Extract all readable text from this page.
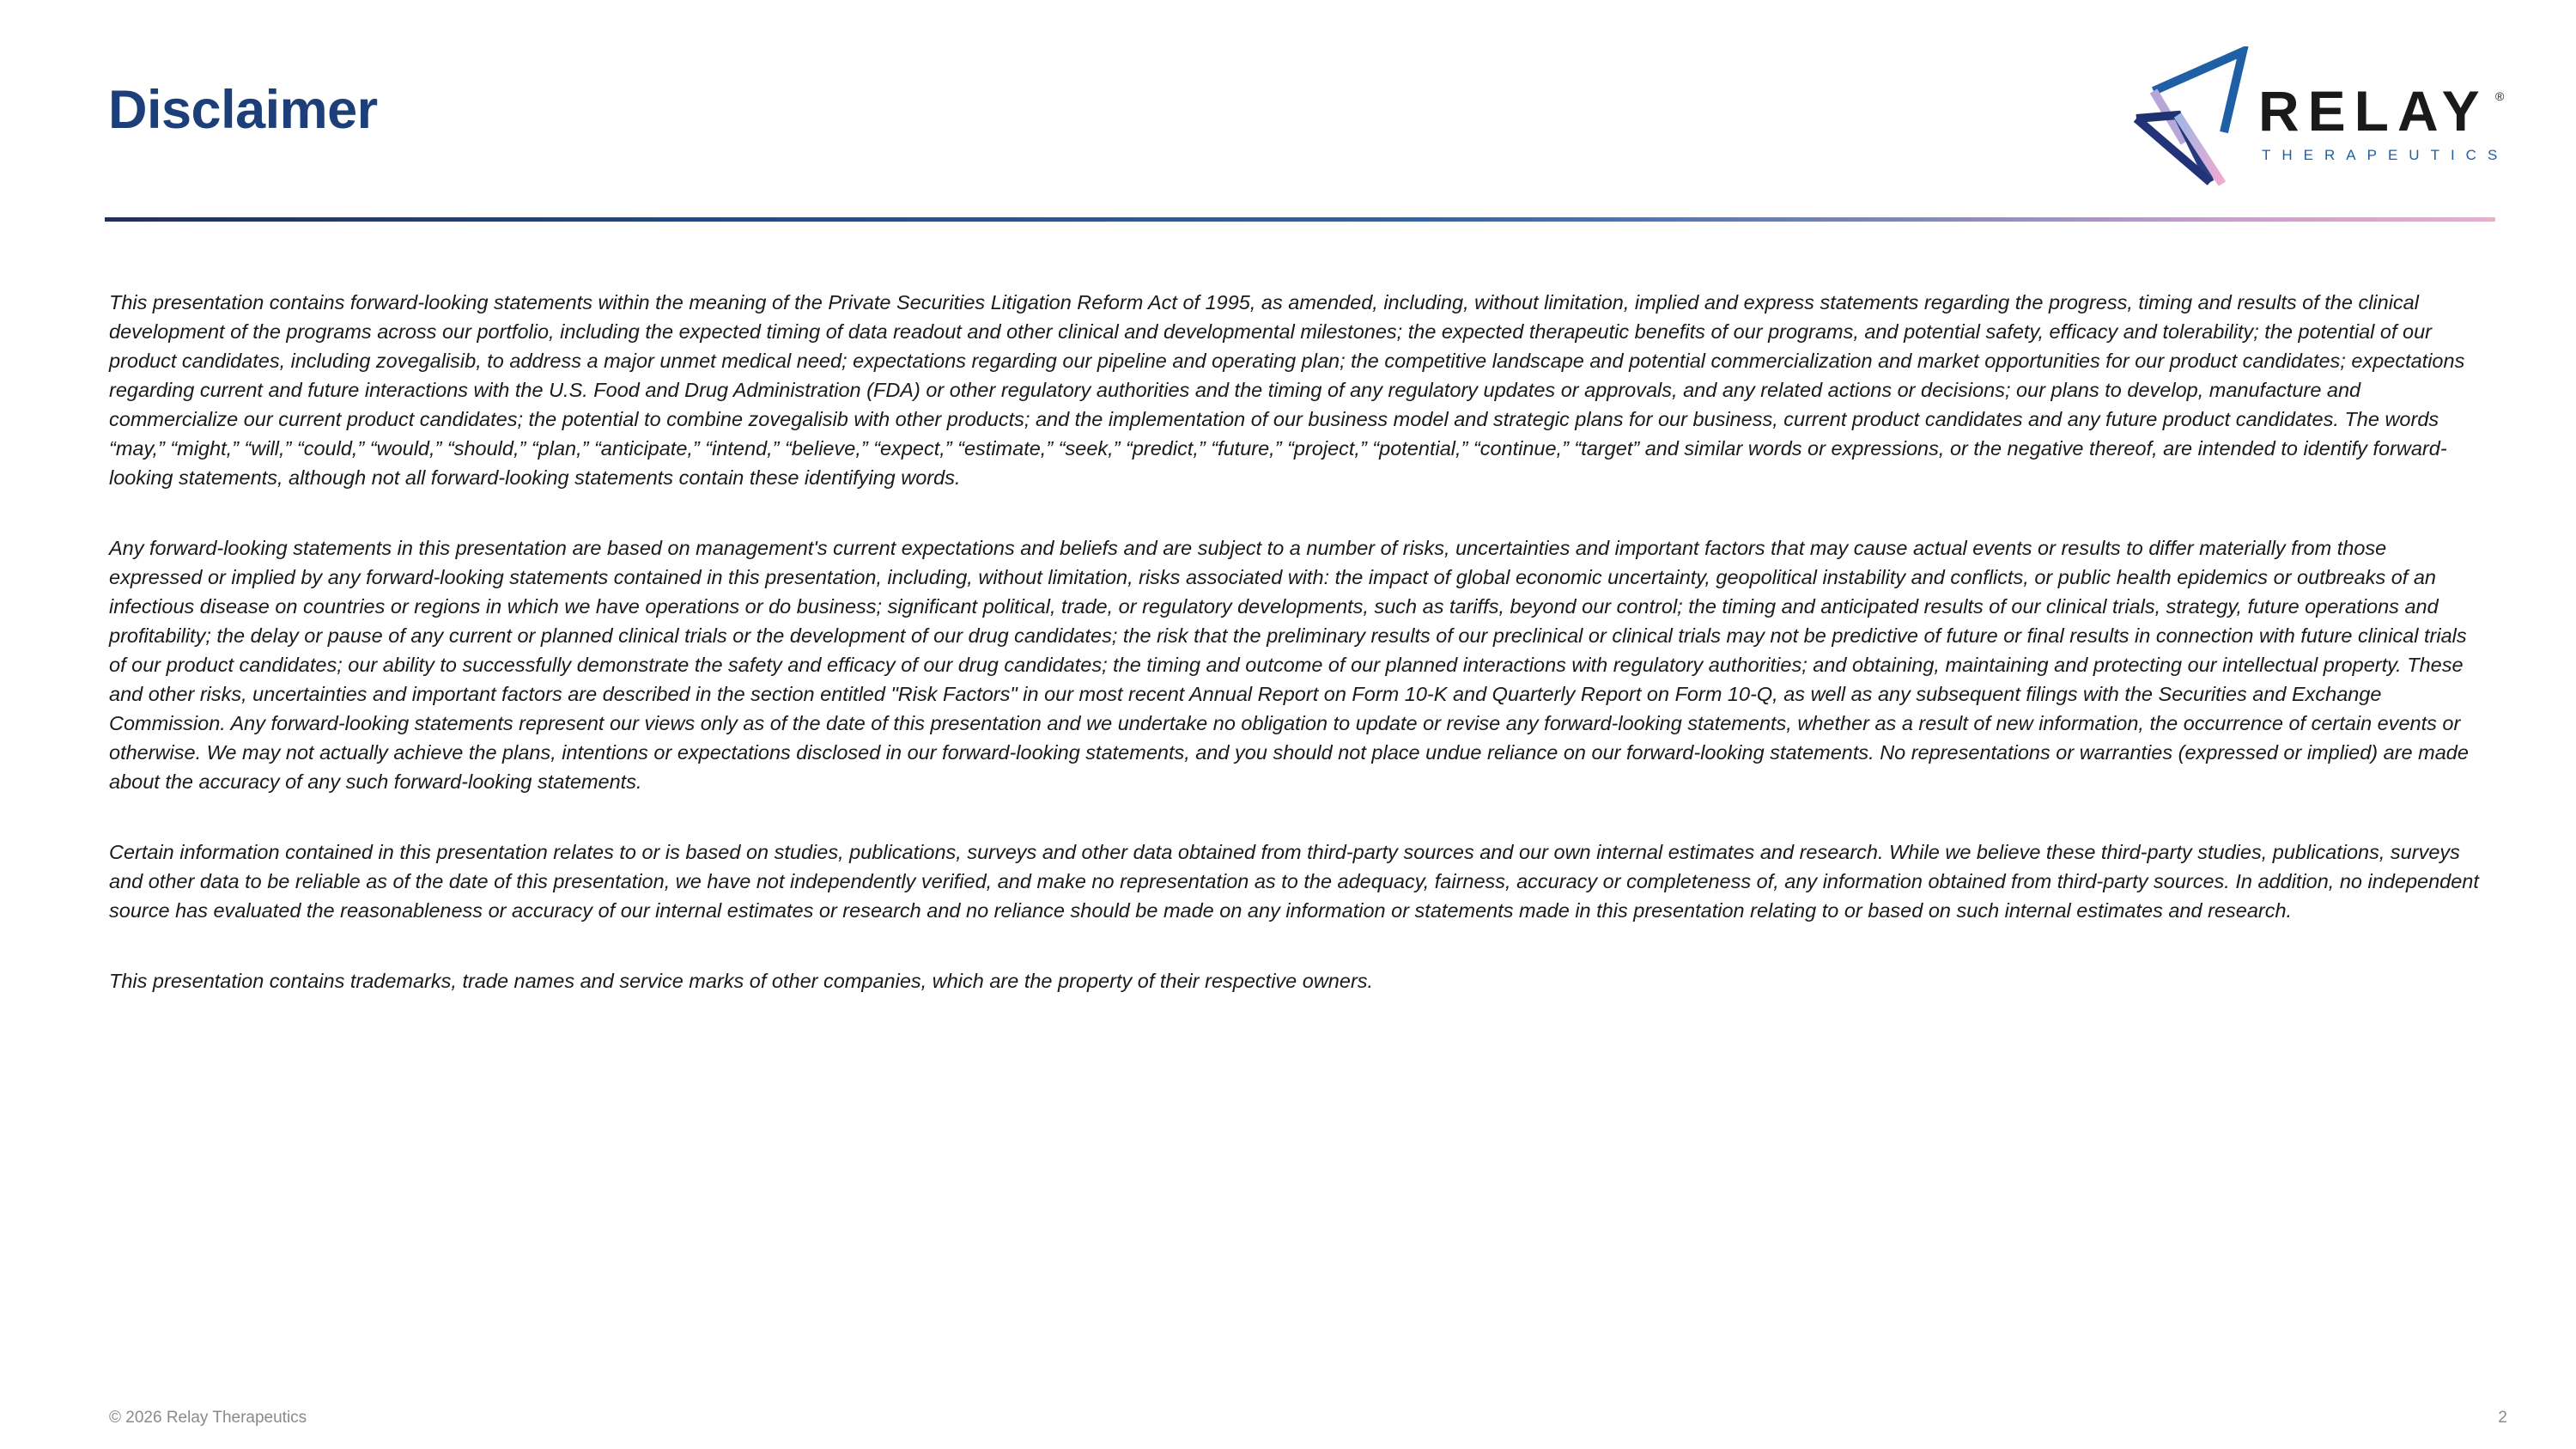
Disclaimer	RELAY ®
THERAPEUTICS

This presentation contains forward-looking statements within the meaning of the Private Securities Litigation Reform Act of 1995, as amended, including, without limitation, implied and express statements regarding the progress, timing and results of the clinical development of the programs across our portfolio, including the expected timing of data readout and other clinical and developmental milestones; the expected therapeutic benefits of our programs, and potential safety, efficacy and tolerability; the potential of our product candidates, including zovegalisib, to address a major unmet medical need; expectations regarding our pipeline and operating plan; the competitive landscape and potential commercialization and market opportunities for our product candidates; expectations regarding current and future interactions with the U.S. Food and Drug Administration (FDA) or other regulatory authorities and the timing of any regulatory updates or approvals, and any related actions or decisions; our plans to develop, manufacture and commercialize our current product candidates; the potential to combine zovegalisib with other products; and the implementation of our business model and strategic plans for our business, current product candidates and any future product candidates. The words “may,” “might,” “will,” “could,” “would,” “should,” “plan,” “anticipate,” “intend,” “believe,” “expect,” “estimate,” “seek,” “predict,” “future,” “project,” “potential,” “continue,” “target” and similar words or expressions, or the negative thereof, are intended to identify forward-looking statements, although not all forward-looking statements contain these identifying words.

Any forward-looking statements in this presentation are based on management's current expectations and beliefs and are subject to a number of risks, uncertainties and important factors that may cause actual events or results to differ materially from those expressed or implied by any forward-looking statements contained in this presentation, including, without limitation, risks associated with: the impact of global economic uncertainty, geopolitical instability and conflicts, or public health epidemics or outbreaks of an infectious disease on countries or regions in which we have operations or do business; significant political, trade, or regulatory developments, such as tariffs, beyond our control; the timing and anticipated results of our clinical trials, strategy, future operations and profitability; the delay or pause of any current or planned clinical trials or the development of our drug candidates; the risk that the preliminary results of our preclinical or clinical trials may not be predictive of future or final results in connection with future clinical trials of our product candidates; our ability to successfully demonstrate the safety and efficacy of our drug candidates; the timing and outcome of our planned interactions with regulatory authorities; and obtaining, maintaining and protecting our intellectual property. These and other risks, uncertainties and important factors are described in the section entitled "Risk Factors" in our most recent Annual Report on Form 10-K and Quarterly Report on Form 10-Q, as well as any subsequent filings with the Securities and Exchange Commission. Any forward-looking statements represent our views only as of the date of this presentation and we undertake no obligation to update or revise any forward-looking statements, whether as a result of new information, the occurrence of certain events or otherwise. We may not actually achieve the plans, intentions or expectations disclosed in our forward-looking statements, and you should not place undue reliance on our forward-looking statements. No representations or warranties (expressed or implied) are made about the accuracy of any such forward-looking statements.

Certain information contained in this presentation relates to or is based on studies, publications, surveys and other data obtained from third-party sources and our own internal estimates and research. While we believe these third-party studies, publications, surveys and other data to be reliable as of the date of this presentation, we have not independently verified, and make no representation as to the adequacy, fairness, accuracy or completeness of, any information obtained from third-party sources. In addition, no independent source has evaluated the reasonableness or accuracy of our internal estimates or research and no reliance should be made on any information or statements made in this presentation relating to or based on such internal estimates and research.

This presentation contains trademarks, trade names and service marks of other companies, which are the property of their respective owners.

© 2026 Relay Therapeutics	2
